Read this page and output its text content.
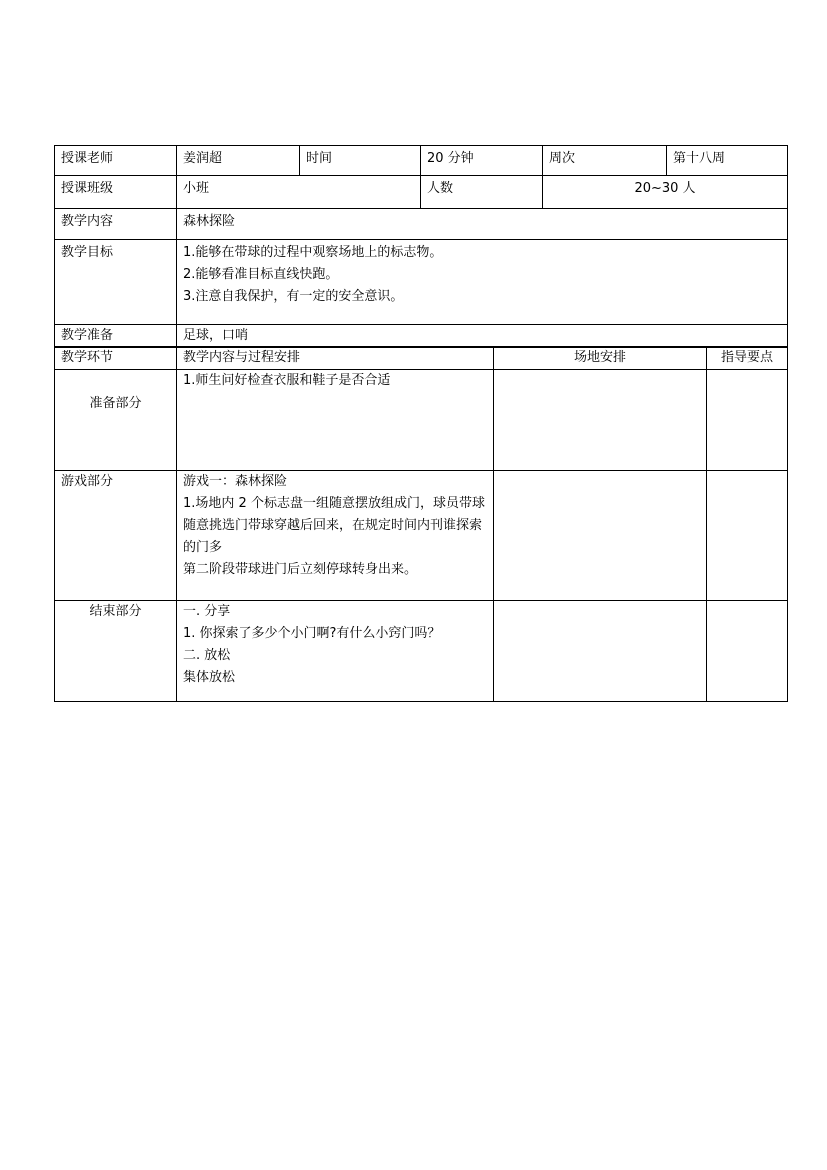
授课老师	姜润超	时间	20 分钟	周次	第十八周
授课班级	小班		人数	20~30 人	
教学内容	森林探险				
教学目标	1.能够在带球的过程中观察场地上的标志物。
2.能够看准目标直线快跑。
3.注意自我保护，有一定的安全意识。				

教学准备	足球，口哨				
教学环节	教学内容与过程安排	场地安排	指导要点
准备部分	1.师生问好检查衣服和鞋子是否合适		

游戏部分	游戏一：森林探险
1.场地内 2 个标志盘一组随意摆放组成门，球员带球随意挑选门带球穿越后回来，在规定时间内刊谁探索的门多
第二阶段带球进门后立刻停球转身出来。		

结束部分	一. 分享
1. 你探索了多少个小门啊?有什么小窍门吗？
二. 放松
集体放松		
